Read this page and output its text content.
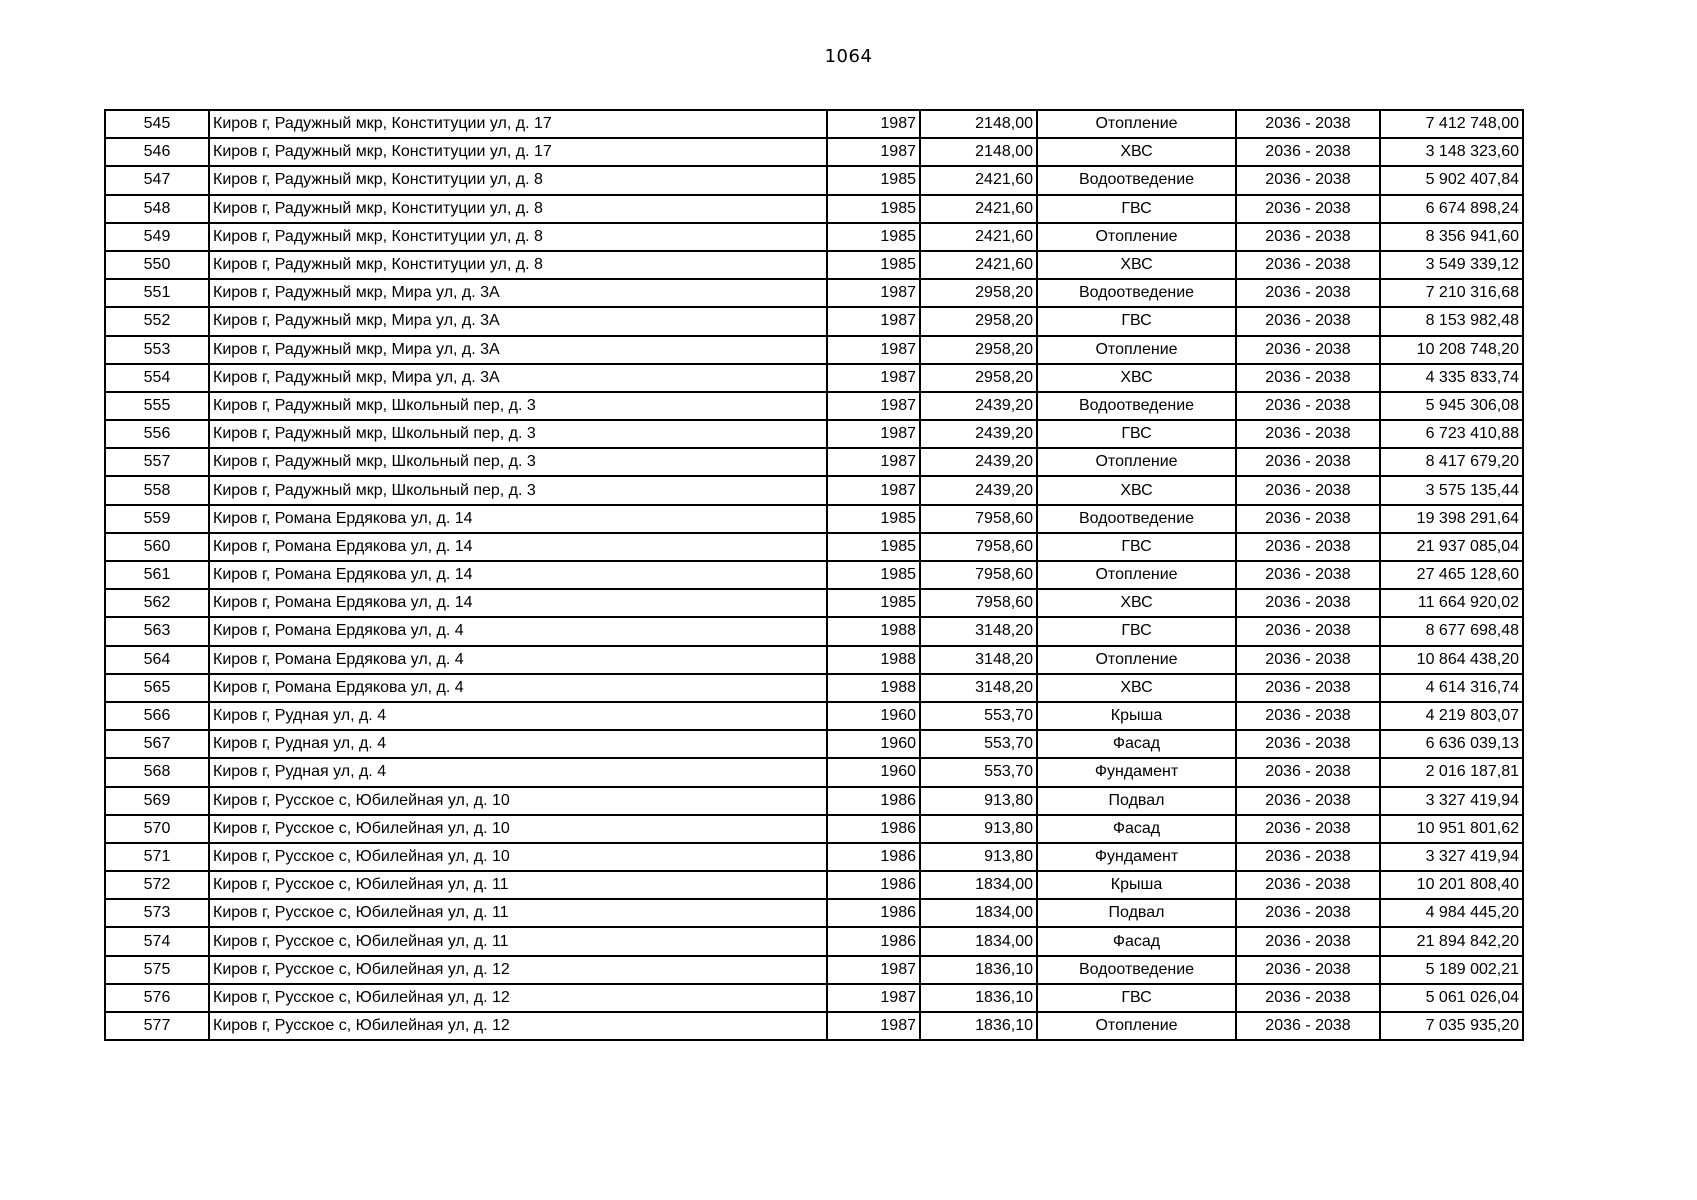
1064
545	Киров г, Радужный мкр, Конституции ул, д. 17	1987	2148,00	Отопление	2036 - 2038	7 412 748,00
546	Киров г, Радужный мкр, Конституции ул, д. 17	1987	2148,00	ХВС	2036 - 2038	3 148 323,60
547	Киров г, Радужный мкр, Конституции ул, д. 8	1985	2421,60	Водоотведение	2036 - 2038	5 902 407,84
548	Киров г, Радужный мкр, Конституции ул, д. 8	1985	2421,60	ГВС	2036 - 2038	6 674 898,24
549	Киров г, Радужный мкр, Конституции ул, д. 8	1985	2421,60	Отопление	2036 - 2038	8 356 941,60
550	Киров г, Радужный мкр, Конституции ул, д. 8	1985	2421,60	ХВС	2036 - 2038	3 549 339,12
551	Киров г, Радужный мкр, Мира ул, д. 3А	1987	2958,20	Водоотведение	2036 - 2038	7 210 316,68
552	Киров г, Радужный мкр, Мира ул, д. 3А	1987	2958,20	ГВС	2036 - 2038	8 153 982,48
553	Киров г, Радужный мкр, Мира ул, д. 3А	1987	2958,20	Отопление	2036 - 2038	10 208 748,20
554	Киров г, Радужный мкр, Мира ул, д. 3А	1987	2958,20	ХВС	2036 - 2038	4 335 833,74
555	Киров г, Радужный мкр, Школьный пер, д. 3	1987	2439,20	Водоотведение	2036 - 2038	5 945 306,08
556	Киров г, Радужный мкр, Школьный пер, д. 3	1987	2439,20	ГВС	2036 - 2038	6 723 410,88
557	Киров г, Радужный мкр, Школьный пер, д. 3	1987	2439,20	Отопление	2036 - 2038	8 417 679,20
558	Киров г, Радужный мкр, Школьный пер, д. 3	1987	2439,20	ХВС	2036 - 2038	3 575 135,44
559	Киров г, Романа Ердякова ул, д. 14	1985	7958,60	Водоотведение	2036 - 2038	19 398 291,64
560	Киров г, Романа Ердякова ул, д. 14	1985	7958,60	ГВС	2036 - 2038	21 937 085,04
561	Киров г, Романа Ердякова ул, д. 14	1985	7958,60	Отопление	2036 - 2038	27 465 128,60
562	Киров г, Романа Ердякова ул, д. 14	1985	7958,60	ХВС	2036 - 2038	11 664 920,02
563	Киров г, Романа Ердякова ул, д. 4	1988	3148,20	ГВС	2036 - 2038	8 677 698,48
564	Киров г, Романа Ердякова ул, д. 4	1988	3148,20	Отопление	2036 - 2038	10 864 438,20
565	Киров г, Романа Ердякова ул, д. 4	1988	3148,20	ХВС	2036 - 2038	4 614 316,74
566	Киров г, Рудная ул, д. 4	1960	553,70	Крыша	2036 - 2038	4 219 803,07
567	Киров г, Рудная ул, д. 4	1960	553,70	Фасад	2036 - 2038	6 636 039,13
568	Киров г, Рудная ул, д. 4	1960	553,70	Фундамент	2036 - 2038	2 016 187,81
569	Киров г, Русское с, Юбилейная ул, д. 10	1986	913,80	Подвал	2036 - 2038	3 327 419,94
570	Киров г, Русское с, Юбилейная ул, д. 10	1986	913,80	Фасад	2036 - 2038	10 951 801,62
571	Киров г, Русское с, Юбилейная ул, д. 10	1986	913,80	Фундамент	2036 - 2038	3 327 419,94
572	Киров г, Русское с, Юбилейная ул, д. 11	1986	1834,00	Крыша	2036 - 2038	10 201 808,40
573	Киров г, Русское с, Юбилейная ул, д. 11	1986	1834,00	Подвал	2036 - 2038	4 984 445,20
574	Киров г, Русское с, Юбилейная ул, д. 11	1986	1834,00	Фасад	2036 - 2038	21 894 842,20
575	Киров г, Русское с, Юбилейная ул, д. 12	1987	1836,10	Водоотведение	2036 - 2038	5 189 002,21
576	Киров г, Русское с, Юбилейная ул, д. 12	1987	1836,10	ГВС	2036 - 2038	5 061 026,04
577	Киров г, Русское с, Юбилейная ул, д. 12	1987	1836,10	Отопление	2036 - 2038	7 035 935,20
